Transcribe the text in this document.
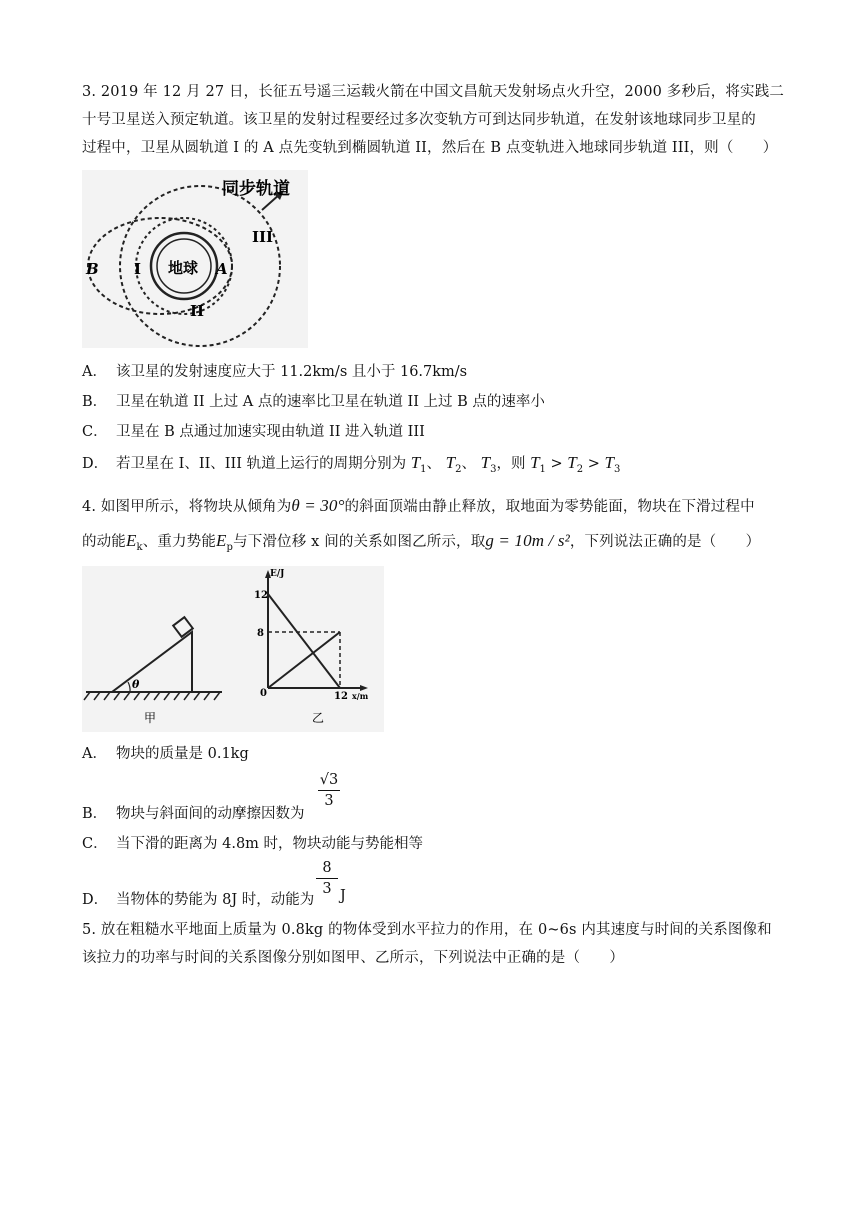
3. 2019 年 12 月 27 日，长征五号遥三运载火箭在中国文昌航天发射场点火升空，2000 多秒后，将实践二
十号卫星送入预定轨道。该卫星的发射过程要经过多次变轨方可到达同步轨道，在发射该地球同步卫星的
过程中，卫星从圆轨道 I 的 A 点先变轨到椭圆轨道 II，然后在 B 点变轨进入地球同步轨道 III，则（　　）
同步轨道
地球
III
I	A
B
II
A． 该卫星的发射速度应大于 11.2km/s 且小于 16.7km/s
B． 卫星在轨道 II 上过 A 点的速率比卫星在轨道 II 上过 B 点的速率小
C． 卫星在 B 点通过加速实现由轨道 II 进入轨道 III
D． 若卫星在 I、II、III 轨道上运行的周期分别为 $T_1$、 $T_2$、 $T_3$，则 $T_1 > T_2 > T_3$
4. 如图甲所示，将物块从倾角为θ = 30°的斜面顶端由静止释放，取地面为零势能面，物块在下滑过程中
的动能$E_k$、重力势能$E_p$与下滑位移 x 间的关系如图乙所示，取g = 10m / s²，下列说法正确的是（　　）
θ
甲
E/J
12
8
0	12 x/m
乙
A． 物块的质量是 0.1kg
B． 物块与斜面间的动摩擦因数为
√3
3
C． 当下滑的距离为 4.8m 时，物块动能与势能相等
D． 当物体的势能为 8J 时，动能为
8
3 J
5. 放在粗糙水平地面上质量为 0.8kg 的物体受到水平拉力的作用，在 0~6s 内其速度与时间的关系图像和
该拉力的功率与时间的关系图像分别如图甲、乙所示，下列说法中正确的是（　　）
